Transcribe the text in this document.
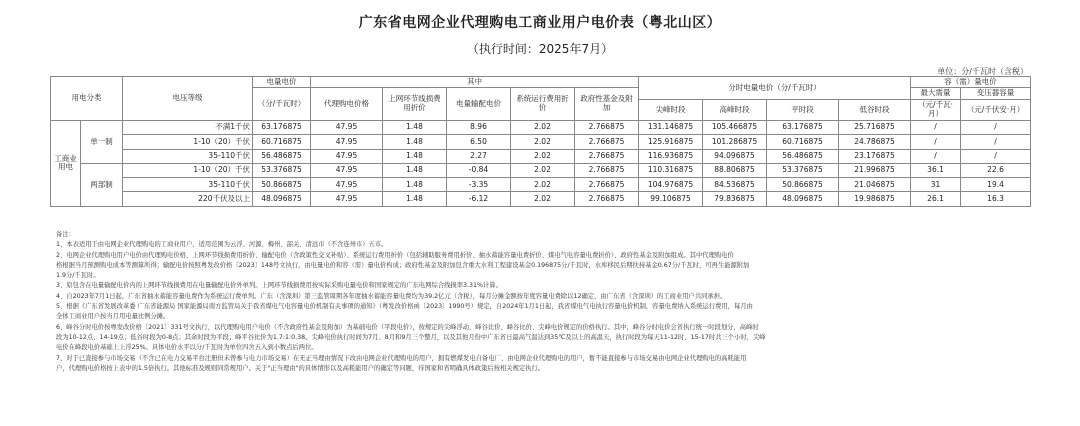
广东省电网企业代理购电工商业用户电价表（粤北山区）
（执行时间：2025年7月）
单位：分/千瓦时（含税）
用电分类		电压等级	电量电价	其中					分时电量电价（分/千瓦时）				容（需）量电价	
			（分/千瓦时）	代理购电价格	上网环节线损费用折价	电量输配电价	系统运行费用折价	政府性基金及附加					最大需量	变压器容量
									尖峰时段	高峰时段	平时段	低谷时段	（元/千瓦·月）	（元/千伏安·月）
工商业用电	单一制	不满1千伏	63.176875	47.95	1.48	8.96	2.02	2.766875	131.146875	105.466875	63.176875	25.716875	/	/
		1-10（20）千伏	60.716875	47.95	1.48	6.50	2.02	2.766875	125.916875	101.286875	60.716875	24.786875	/	/
		35-110千伏	56.486875	47.95	1.48	2.27	2.02	2.766875	116.936875	94.096875	56.486875	23.176875	/	/
	两部制	1-10（20）千伏	53.376875	47.95	1.48	-0.84	2.02	2.766875	110.316875	88.806875	53.376875	21.996875	36.1	22.6
		35-110千伏	50.866875	47.95	1.48	-3.35	2.02	2.766875	104.976875	84.536875	50.866875	21.046875	31	19.4
		220千伏及以上	48.096875	47.95	1.48	-6.12	2.02	2.766875	99.106875	79.836875	48.096875	19.986875	26.1	16.3

备注：

1、本表适用于由电网企业代理购电的工商业用户，适用范围为云浮、河源、梅州、韶关、清远市（不含连州市）五市。

2、电网企业代理购电用户电价由代理购电价格、上网环节线损费用折价、输配电价（含政策性交叉补贴）、系统运行费用折价（包括辅助服务费用折价、抽水蓄能容量电费折价、煤电气电容量电费折价）、政府性基金及附加组成。其中代理购电价

格根据当月预测购电成本等测算所得；输配电价按照粤发改价格〔2023〕148号文执行，由电量电价和容（需）量电价构成；政府性基金及附加包含重大水利工程建设基金0.196875分/千瓦时，水库移民后期扶持基金0.67分/千瓦时，可再生能源附加

1.9分/千瓦时。

3、原包含在电量输配电价内的上网环节线损费用在电量输配电价外单列。上网环节线损费用按实际采购电量电价和国家规定的广东电网综合线损率3.31%计算。

4、自2023年7月1日起，广东省抽水蓄能容量电费作为系统运行费单列。广东（含深圳）第三监管周期各年度抽水蓄能容量电费均为39.2亿元（含税），每月分摊金额按年度容量电费除以12确定，由广东省（含深圳）的工商业用户共同承担。

5、根据《广东省发展改革委 广东省能源局 国家能源局南方监管局关于我省煤电气电容量电价机制有关事项的通知》（粤发改价格函〔2023〕1990号）规定，自2024年1月1日起，我省煤电气电执行容量电价机制，容量电费纳入系统运行费用，每月由

全体工商业用户按当月用电量比例分摊。

6、峰谷分时电价按粤发改价格〔2021〕331号文执行，以代理购电用户电价（不含政府性基金及附加）为基础电价（平段电价），按规定的尖峰浮动、峰谷比价、峰谷比价、尖峰电价规定的价格执行。其中，峰谷分时电价会省执行统一时段划分，高峰时

段为10-12点、14-19点；低谷时段为0-8点；其余时段为平段；峰平谷比价为1.7:1:0.38。尖峰电价执行时间为7月、8月和9月三个整月，以及其他月份中广东省日最高气温达到35℃及以上的高温天，执行时段为每天11-12时、15-17时共三个小时，尖峰

电价在峰段电价基础上上浮25%。具体电价水平以分/千瓦时为单位四舍五入到小数点后两位。

7、对于已直接参与市场交易（不含已在电力交易平台注册但未曾参与电力市场交易）在无正当理由情况下改由电网企业代理购电的用户，拥有燃煤发电自备电厂、由电网企业代理购电的用户，暂不能直接参与市场交易由电网企业代理购电的高耗能用

户，代理购电价格按上表中的1.5倍执行。其他标准及规则同常规用户。关于"正当理由"的具体情形以及高耗能用户的确定等问题，待国家和省明确具体政策后按相关规定执行。
